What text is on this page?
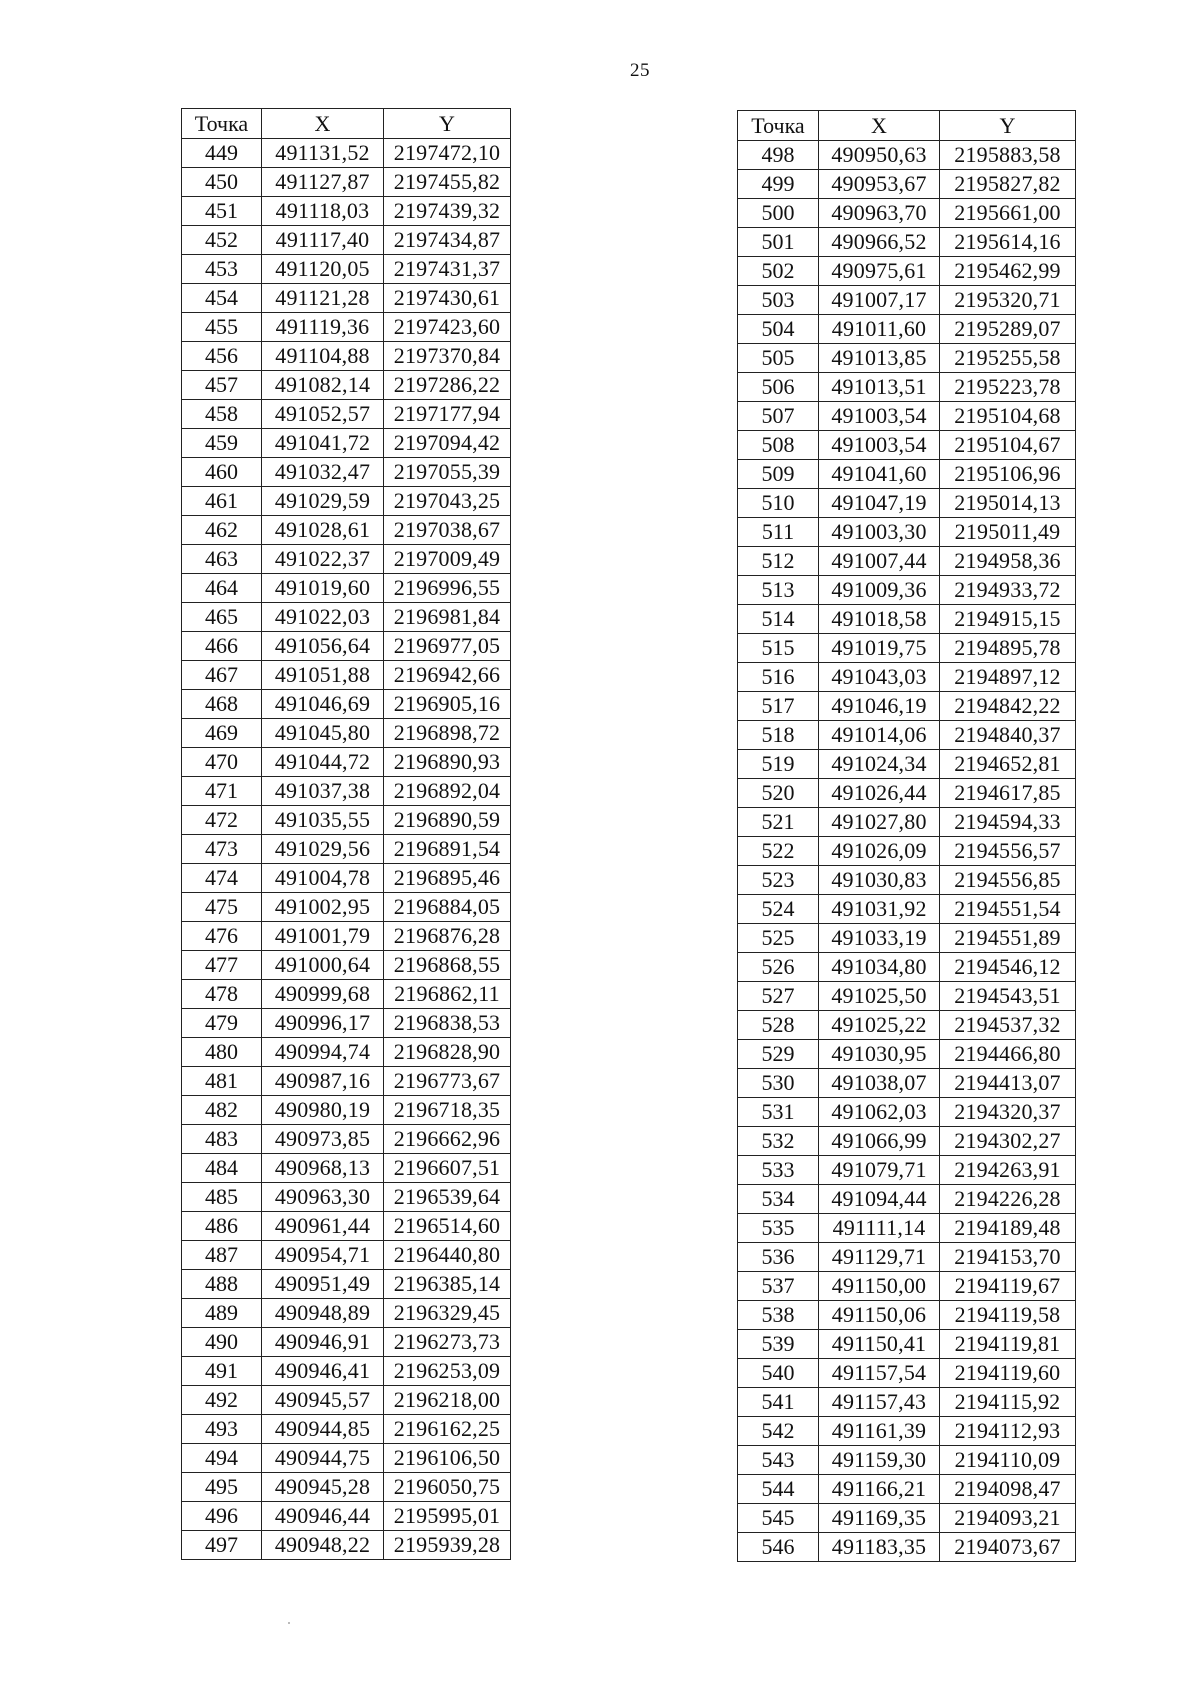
25
Точка	X	Y
449	491131,52	2197472,10
450	491127,87	2197455,82
451	491118,03	2197439,32
452	491117,40	2197434,87
453	491120,05	2197431,37
454	491121,28	2197430,61
455	491119,36	2197423,60
456	491104,88	2197370,84
457	491082,14	2197286,22
458	491052,57	2197177,94
459	491041,72	2197094,42
460	491032,47	2197055,39
461	491029,59	2197043,25
462	491028,61	2197038,67
463	491022,37	2197009,49
464	491019,60	2196996,55
465	491022,03	2196981,84
466	491056,64	2196977,05
467	491051,88	2196942,66
468	491046,69	2196905,16
469	491045,80	2196898,72
470	491044,72	2196890,93
471	491037,38	2196892,04
472	491035,55	2196890,59
473	491029,56	2196891,54
474	491004,78	2196895,46
475	491002,95	2196884,05
476	491001,79	2196876,28
477	491000,64	2196868,55
478	490999,68	2196862,11
479	490996,17	2196838,53
480	490994,74	2196828,90
481	490987,16	2196773,67
482	490980,19	2196718,35
483	490973,85	2196662,96
484	490968,13	2196607,51
485	490963,30	2196539,64
486	490961,44	2196514,60
487	490954,71	2196440,80
488	490951,49	2196385,14
489	490948,89	2196329,45
490	490946,91	2196273,73
491	490946,41	2196253,09
492	490945,57	2196218,00
493	490944,85	2196162,25
494	490944,75	2196106,50
495	490945,28	2196050,75
496	490946,44	2195995,01
497	490948,22	2195939,28
Точка	X	Y
498	490950,63	2195883,58
499	490953,67	2195827,82
500	490963,70	2195661,00
501	490966,52	2195614,16
502	490975,61	2195462,99
503	491007,17	2195320,71
504	491011,60	2195289,07
505	491013,85	2195255,58
506	491013,51	2195223,78
507	491003,54	2195104,68
508	491003,54	2195104,67
509	491041,60	2195106,96
510	491047,19	2195014,13
511	491003,30	2195011,49
512	491007,44	2194958,36
513	491009,36	2194933,72
514	491018,58	2194915,15
515	491019,75	2194895,78
516	491043,03	2194897,12
517	491046,19	2194842,22
518	491014,06	2194840,37
519	491024,34	2194652,81
520	491026,44	2194617,85
521	491027,80	2194594,33
522	491026,09	2194556,57
523	491030,83	2194556,85
524	491031,92	2194551,54
525	491033,19	2194551,89
526	491034,80	2194546,12
527	491025,50	2194543,51
528	491025,22	2194537,32
529	491030,95	2194466,80
530	491038,07	2194413,07
531	491062,03	2194320,37
532	491066,99	2194302,27
533	491079,71	2194263,91
534	491094,44	2194226,28
535	491111,14	2194189,48
536	491129,71	2194153,70
537	491150,00	2194119,67
538	491150,06	2194119,58
539	491150,41	2194119,81
540	491157,54	2194119,60
541	491157,43	2194115,92
542	491161,39	2194112,93
543	491159,30	2194110,09
544	491166,21	2194098,47
545	491169,35	2194093,21
546	491183,35	2194073,67
